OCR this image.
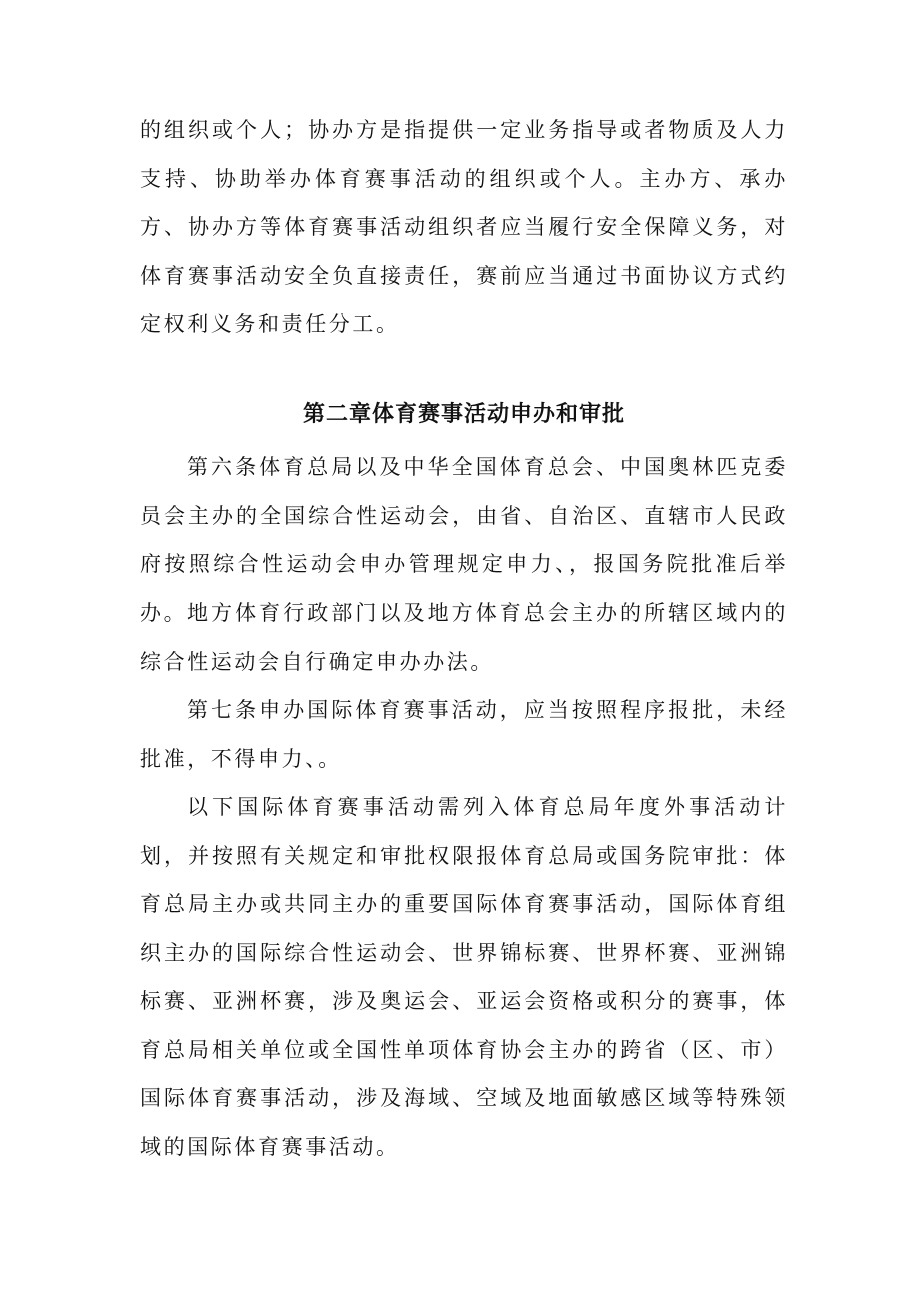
的组织或个人；协办方是指提供一定业务指导或者物质及人力支持、协助举办体育赛事活动的组织或个人。主办方、承办方、协办方等体育赛事活动组织者应当履行安全保障义务，对体育赛事活动安全负直接责任，赛前应当通过书面协议方式约定权利义务和责任分工。

第二章体育赛事活动申办和审批

第六条体育总局以及中华全国体育总会、中国奥林匹克委员会主办的全国综合性运动会，由省、自治区、直辖市人民政府按照综合性运动会申办管理规定申力、，报国务院批准后举办。 地方体育行政部门以及地方体育总会主办的所辖区域内的综合性运动会自行确定申办办法。

第七条申办国际体育赛事活动，应当按照程序报批，未经批准，不得申力、。

以下国际体育赛事活动需列入体育总局年度外事活动计划，并按照有关规定和审批权限报体育总局或国务院审批：体育总局主办或共同主办的重要国际体育赛事活动，国际体育组织主办的国际综合性运动会、世界锦标赛、世界杯赛、亚洲锦标赛、亚洲杯赛，涉及奥运会、亚运会资格或积分的赛事，体育总局相关单位或全国性单项体育协会主办的跨省（区、市）国际体育赛事活动，涉及海域、空域及地面敏感区域等特殊领域的国际体育赛事活动。
